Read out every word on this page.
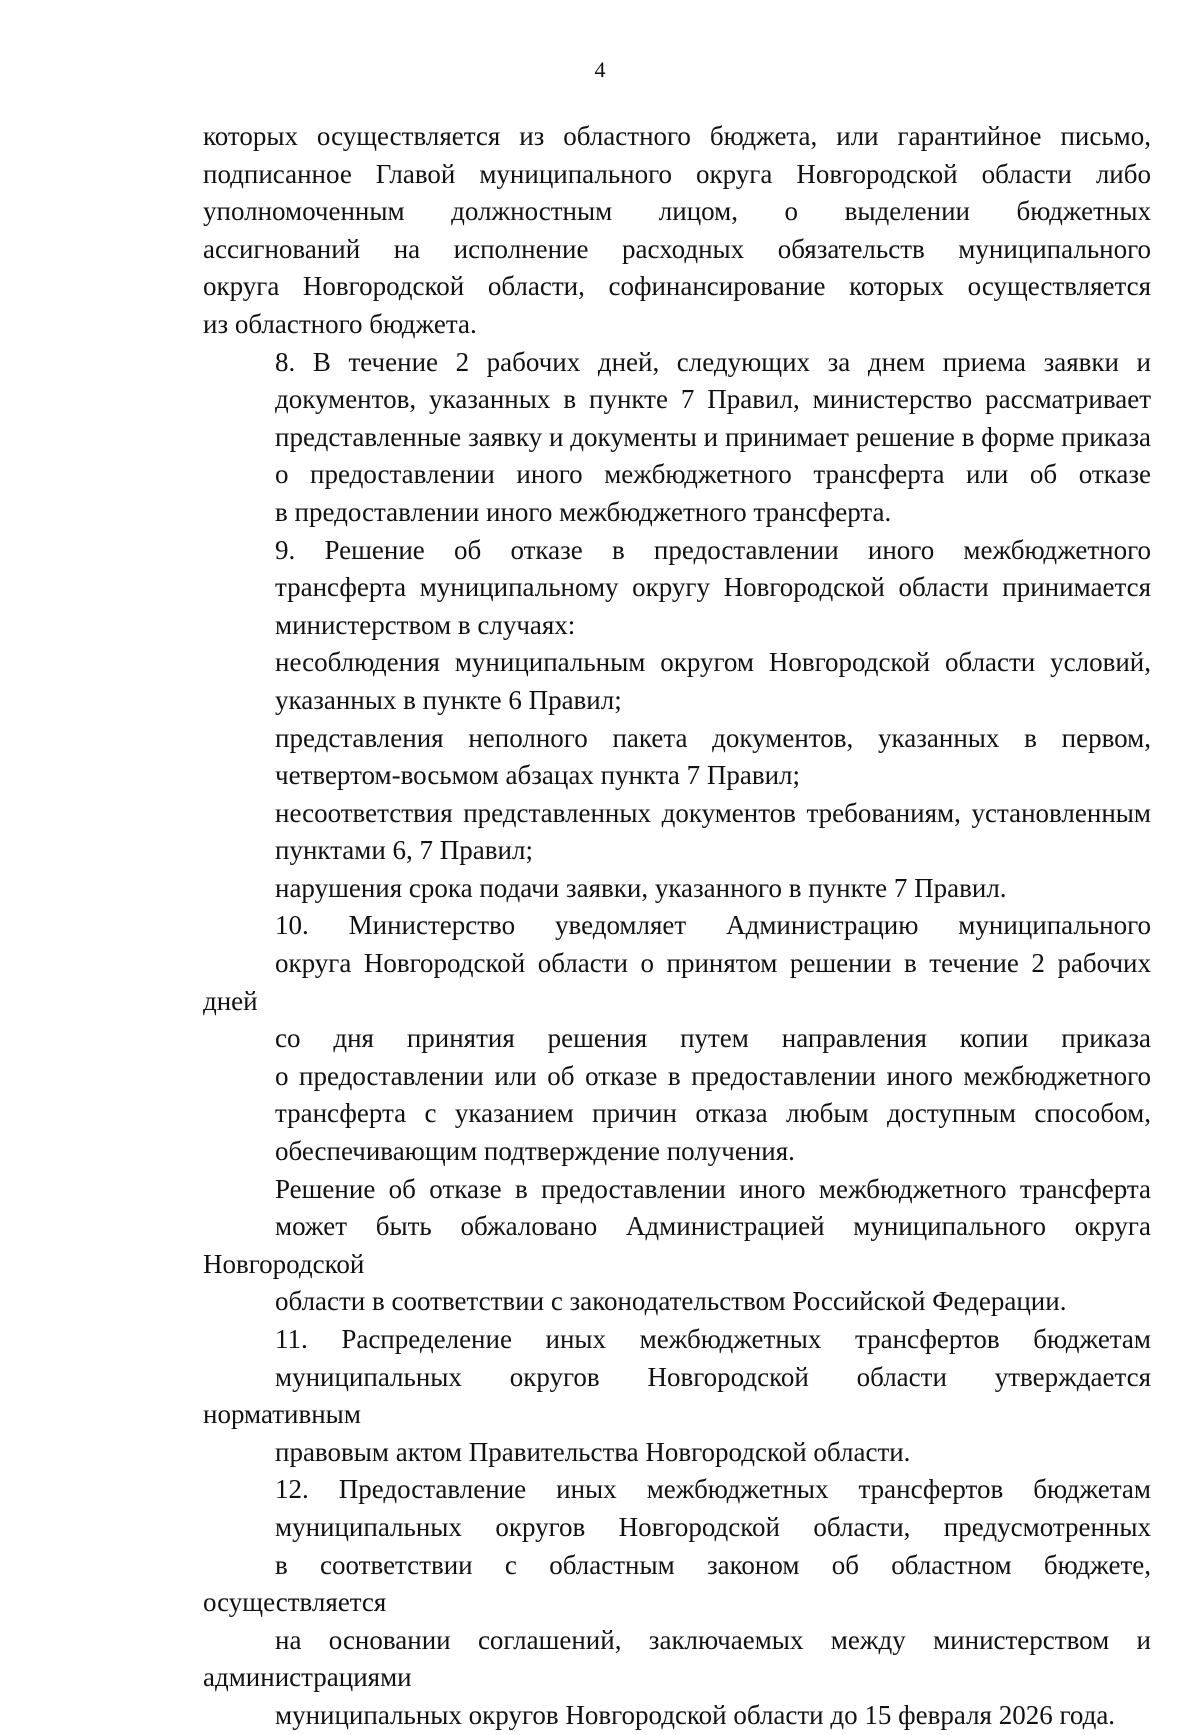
4
которых осуществляется из областного бюджета, или гарантийное письмо,
подписанное Главой муниципального округа Новгородской области либо
уполномоченным должностным лицом, о выделении бюджетных
ассигнований на исполнение расходных обязательств муниципального
округа Новгородской области, софинансирование которых осуществляется
из областного бюджета.
8. В течение 2 рабочих дней, следующих за днем приема заявки и
документов, указанных в пункте 7 Правил, министерство рассматривает
представленные заявку и документы и принимает решение в форме приказа
о предоставлении иного межбюджетного трансферта или об отказе
в предоставлении иного межбюджетного трансферта.
9. Решение об отказе в предоставлении иного межбюджетного
трансферта муниципальному округу Новгородской области принимается
министерством в случаях:
несоблюдения муниципальным округом Новгородской области условий,
указанных в пункте 6 Правил;
представления неполного пакета документов, указанных в первом,
четвертом-восьмом абзацах пункта 7 Правил;
несоответствия представленных документов требованиям, установленным
пунктами 6, 7 Правил;
нарушения срока подачи заявки, указанного в пункте 7 Правил.
10. Министерство уведомляет Администрацию муниципального
округа Новгородской области о принятом решении в течение 2 рабочих дней
со дня принятия решения путем направления копии приказа
о предоставлении или об отказе в предоставлении иного межбюджетного
трансферта с указанием причин отказа любым доступным способом,
обеспечивающим подтверждение получения.
Решение об отказе в предоставлении иного межбюджетного трансферта
может быть обжаловано Администрацией муниципального округа Новгородской
области в соответствии с законодательством Российской Федерации.
11. Распределение иных межбюджетных трансфертов бюджетам
муниципальных округов Новгородской области утверждается нормативным
правовым актом Правительства Новгородской области.
12. Предоставление иных межбюджетных трансфертов бюджетам
муниципальных округов Новгородской области, предусмотренных
в соответствии с областным законом об областном бюджете, осуществляется
на основании соглашений, заключаемых между министерством и администрациями
муниципальных округов Новгородской области до 15 февраля 2026 года.
